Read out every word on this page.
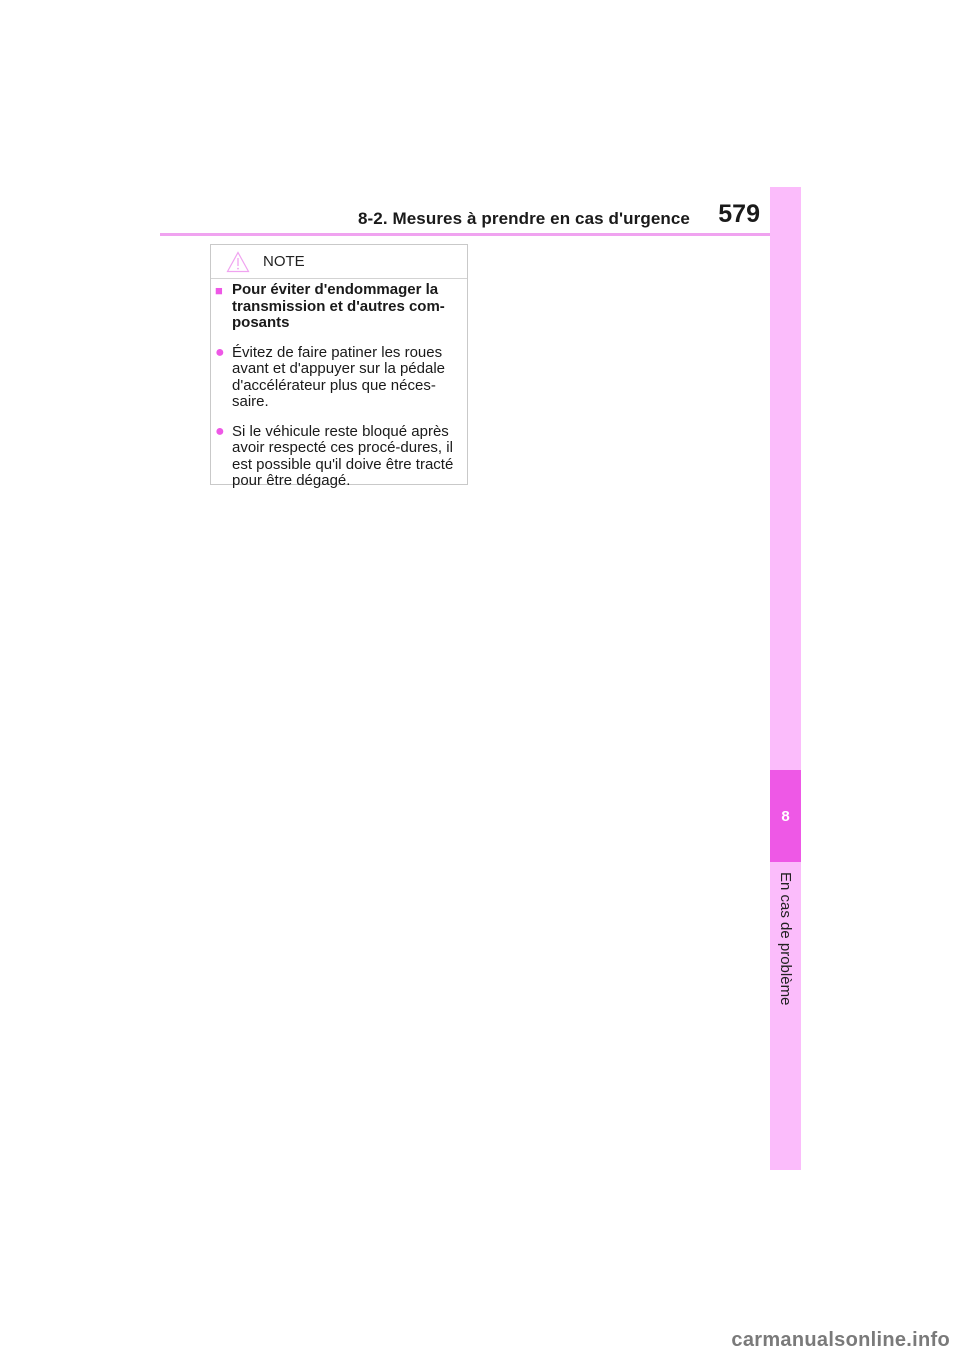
8-2. Mesures à prendre en cas d'urgence 579
8
En cas de problème
NOTE
■ Pour éviter d'endommager la transmission et d'autres com-posants
● Évitez de faire patiner les roues avant et d'appuyer sur la pédale d'accélérateur plus que néces-saire.
● Si le véhicule reste bloqué après avoir respecté ces procé-dures, il est possible qu'il doive être tracté pour être dégagé.
carmanualsonline.info
